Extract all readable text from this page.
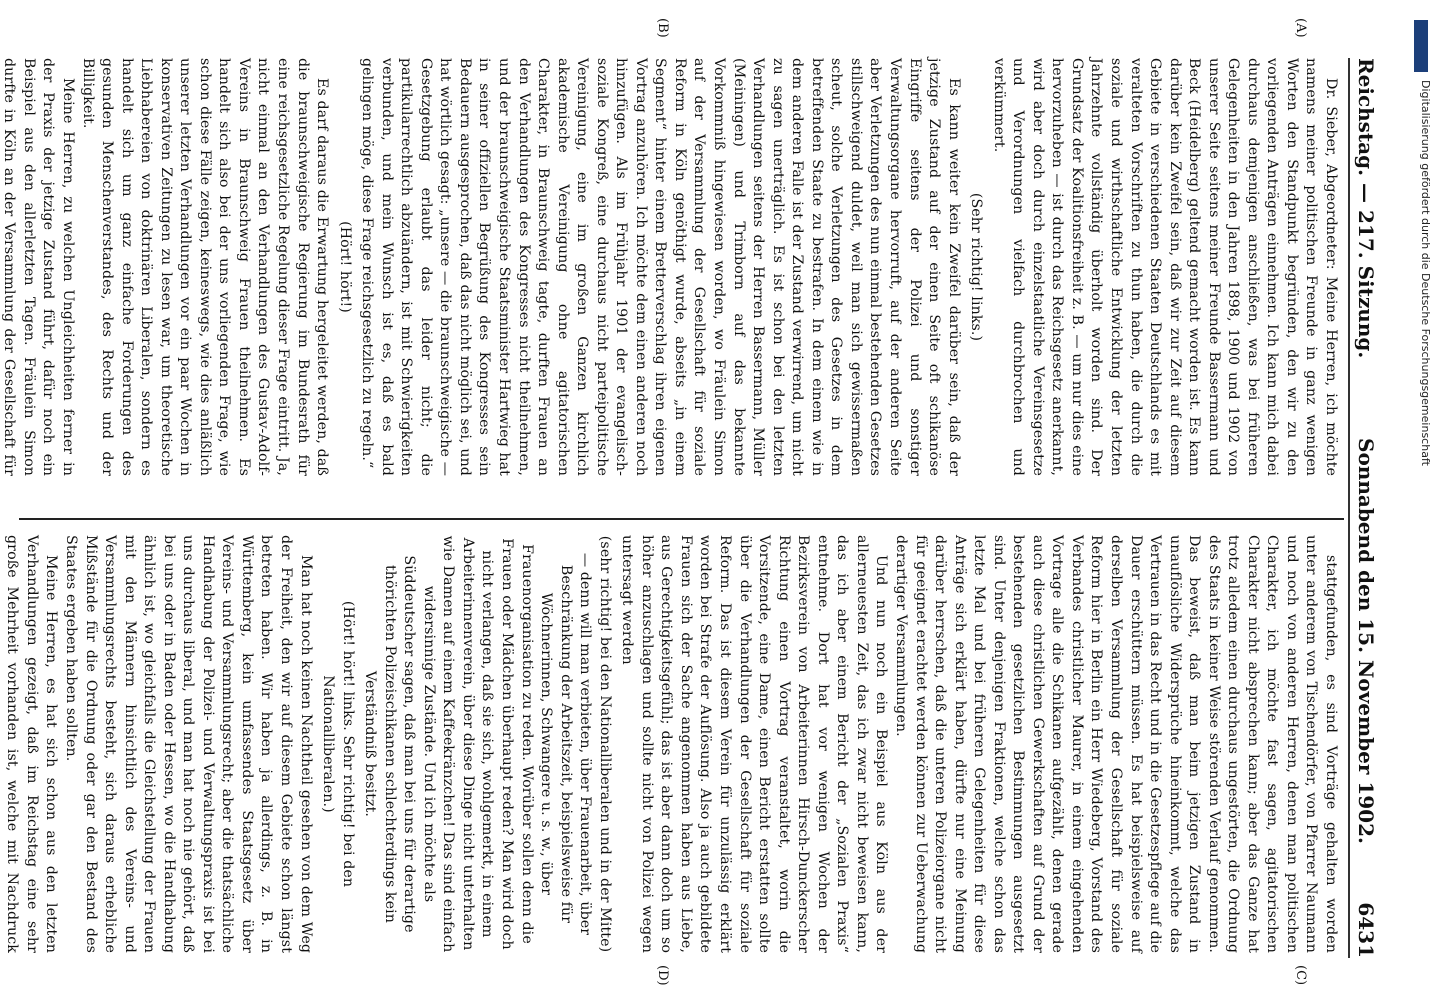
Reichstag. — 217. Sitzung.
Sonnabend den 15. November 1902.
6431
(A)
(B)
(C)
(D)

Dr. Sieber, Abgeordneter: Meine Herren, ich möchte namens meiner politischen Freunde in ganz wenigen Worten den Standpunkt begründen, den wir zu den vorliegenden Anträgen einnehmen. Ich kann mich dabei durchaus demjenigen anschließen, was bei früheren Gelegenheiten in den Jahren 1898, 1900 und 1902 von unserer Seite seitens meiner Freunde Bassermann und Beck (Heidelberg) geltend gemacht worden ist. Es kann darüber kein Zweifel sein, daß wir zur Zeit auf diesem Gebiete in verschiedenen Staaten Deutschlands es mit veralteten Vorschriften zu thun haben, die durch die soziale und wirthschaftliche Entwicklung der letzten Jahrzehnte vollständig überholt worden sind. Der Grundsatz der Koalitionsfreiheit z. B. — um nur dies eine hervorzuheben — ist durch das Reichsgesetz anerkannt, wird aber doch durch einzelstaatliche Vereinsgesetze und Verordnungen vielfach durchbrochen und verkümmert.

(Sehr richtig! links.)

Es kann weiter kein Zweifel darüber sein, daß der jetzige Zustand auf der einen Seite oft schikanöse Eingriffe seitens der Polizei und sonstiger Verwaltungsorgane hervorruft, auf der anderen Seite aber Verletzungen des nun einmal bestehenden Gesetzes stillschweigend duldet, weil man sich gewissermaßen scheut, solche Verletzungen des Gesetzes in dem betreffenden Staate zu bestrafen. In dem einem wie in dem anderen Falle ist der Zustand verwirrend, um nicht zu sagen unerträglich. Es ist schon bei den letzten Verhandlungen seitens der Herren Bassermann, Müller (Meiningen) und Trimborn auf das bekannte Vorkommniß hingewiesen worden, wo Fräulein Simon auf der Versammlung der Gesellschaft für soziale Reform in Köln genöthigt wurde, abseits „in einem Segment“ hinter einem Bretterverschlag ihren eigenen Vortrag anzuhören. Ich möchte dem einen anderen noch hinzufügen. Als im Frühjahr 1901 der evangelisch-soziale Kongreß, eine durchaus nicht parteipolitische Vereinigung, eine im großen Ganzen kirchlich akademische Vereinigung ohne agitatorischen Charakter, in Braunschweig tagte, durften Frauen an den Verhandlungen des Kongresses nicht theilnehmen, und der braunschweigische Staatsminister Hartwieg hat in seiner offiziellen Begrüßung des Kongresses sein Bedauern ausgesprochen, daß das nicht möglich sei, und hat wörtlich gesagt: „unsere — die braunschweigische — Gesetzgebung erlaubt das leider nicht; die partikularrechtlich abzuändern, ist mit Schwierigkeiten verbunden, und mein Wunsch ist es, daß es bald gelingen möge, diese Frage reichsgesetzlich zu regeln.“

(Hört! hört!)

Es darf daraus die Erwartung hergeleitet werden, daß die braunschweigische Regierung im Bundesrath für eine reichsgesetzliche Regelung dieser Frage eintritt. Ja, nicht einmal an den Verhandlungen des Gustav-Adolf-Vereins in Braunschweig Frauen theilnehmen. Es handelt sich also bei der uns vorliegenden Frage, wie schon diese Fälle zeigen, keineswegs, wie dies anläßlich unserer letzten Verhandlungen vor ein paar Wochen in konservativen Zeitungen zu lesen war, um theoretische Liebhabereien von doktrinären Liberalen, sondern es handelt sich um ganz einfache Forderungen des gesunden Menschenverstandes, des Rechts und der Billigkeit.

Meine Herren, zu welchen Ungleichheiten ferner in der Praxis der jetzige Zustand führt, dafür noch ein Beispiel aus den allerletzten Tagen. Fräulein Simon durfte in Köln an der Versammlung der Gesellschaft für

stattgefunden, es sind Vorträge gehalten worden unter anderem von Tischendörfer, von Pfarrer Naumann und noch von anderen Herren, denen man politischen Charakter, ich möchte fast sagen, agitatorischen Charakter nicht absprechen kann; aber das Ganze hat trotz alledem einen durchaus ungestörten, die Ordnung des Staats in keiner Weise störenden Verlauf genommen. Das beweist, daß man beim jetzigen Zustand in unauflösliche Widersprüche hineinkommt, welche das Vertrauen in das Recht und in die Gesetzespflege auf die Dauer erschüttern müssen. Es hat beispielsweise auf derselben Versammlung der Gesellschaft für soziale Reform hier in Berlin ein Herr Wiedeberg, Vorstand des Verbandes christlicher Maurer, in einem eingehenden Vortrage alle die Schikanen aufgezählt, denen gerade auch diese christlichen Gewerkschaften auf Grund der bestehenden gesetzlichen Bestimmungen ausgesetzt sind. Unter denjenigen Fraktionen, welche schon das letzte Mal und bei früheren Gelegenheiten für diese Anträge sich erklärt haben, dürfte nur eine Meinung darüber herrschen, daß die unteren Polizeiorgane nicht für geeignet erachtet werden können zur Ueberwachung derartiger Versammlungen.

Und nun noch ein Beispiel aus Köln aus der allerneuesten Zeit, das ich zwar nicht beweisen kann, das ich aber einem Bericht der „Sozialen Praxis“ entnehme. Dort hat vor wenigen Wochen der Bezirksverein von Arbeiterinnen Hirsch-Dunckerscher Richtung einen Vortrag veranstaltet, worin die Vorsitzende, eine Dame, einen Bericht erstatten sollte über die Verhandlungen der Gesellschaft für soziale Reform. Das ist diesem Verein für unzulässig erklärt worden bei Strafe der Auflösung. Also ja auch gebildete Frauen sich der Sache angenommen haben aus Liebe, aus Gerechtigkeitsgefühl; das ist aber dann doch um so höher anzuschlagen und sollte nicht von Polizei wegen untersagt werden

(sehr richtig! bei den Nationalliberalen und in der Mitte) — denn will man verbieten, über Frauenarbeit, über Beschränkung der Arbeitszeit, beispielsweise für Wöchnerinnen, Schwangere u. s. w., über Frauenorganisation zu reden. Worüber sollen denn die Frauen oder Mädchen überhaupt reden? Man wird doch nicht verlangen, daß sie sich, wohlgemerkt, in einem Arbeiterinnenverein, über diese Dinge nicht unterhalten wie Damen auf einem Kaffeekränzchen! Das sind einfach widersinnige Zustände. Und ich möchte als Süddeutscher sagen, daß man bei uns für derartige thörichten Polizeischikanen schlechterdings kein Verständniß besitzt.

(Hört! hört! links. Sehr richtig! bei den Nationalliberalen.)

Man hat noch keinen Nachtheil gesehen von dem Weg der Freiheit, den wir auf diesem Gebiete schon längst betreten haben. Wir haben ja allerdings, z. B. in Württemberg, kein umfassendes Staatsgesetz über Vereins- und Versammlungsrecht; aber die thatsächliche Handhabung der Polizei- und Verwaltungspraxis ist bei uns durchaus liberal, und man hat noch nie gehört, daß bei uns oder in Baden oder Hessen, wo die Handhabung ähnlich ist, wo gleichfalls die Gleichstellung der Frauen mit den Männern hinsichtlich des Vereins- und Versammlungsrechts besteht, sich daraus erhebliche Mißstände für die Ordnung oder gar den Bestand des Staates ergeben haben sollten.

Meine Herren, es hat sich schon aus den letzten Verhandlungen gezeigt, daß im Reichstag eine sehr große Mehrheit vorhanden ist, welche mit Nachdruck

Digitalisierung gefördert durch die Deutsche Forschungsgemeinschaft
